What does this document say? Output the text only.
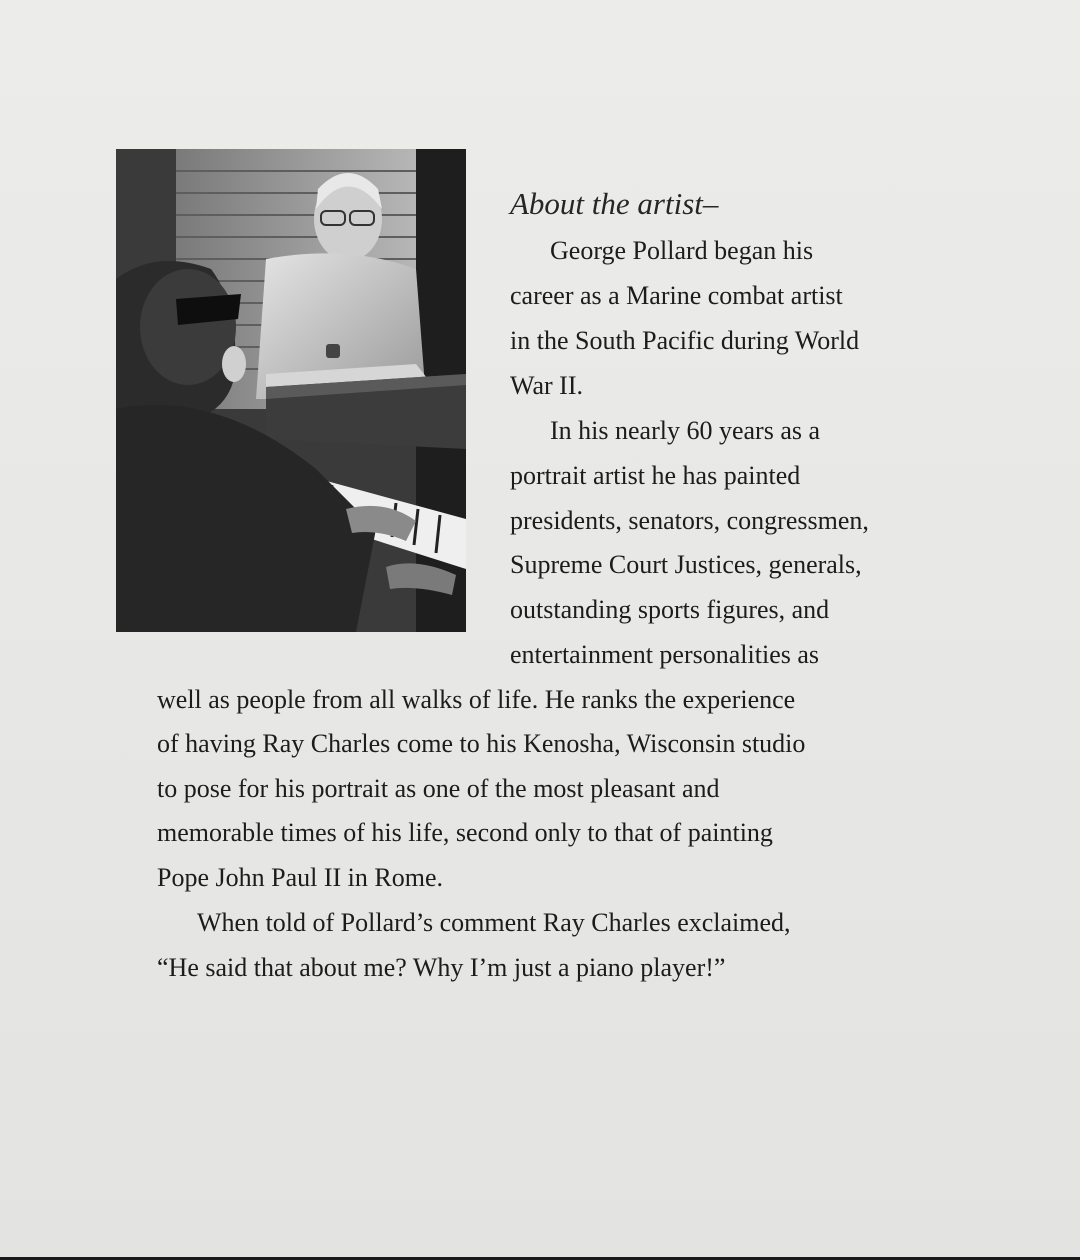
About the artist–

George Pollard began his

career as a Marine combat artist

in the South Pacific during World

War II.

In his nearly 60 years as a

portrait artist he has painted

presidents, senators, congressmen,

Supreme Court Justices, generals,

outstanding sports figures, and

entertainment personalities as

well as people from all walks of life. He ranks the experience

of having Ray Charles come to his Kenosha, Wisconsin studio

to pose for his portrait as one of the most pleasant and

memorable times of his life, second only to that of painting

Pope John Paul II in Rome.

When told of Pollard’s comment Ray Charles exclaimed,

“He said that about me? Why I’m just a piano player!”
